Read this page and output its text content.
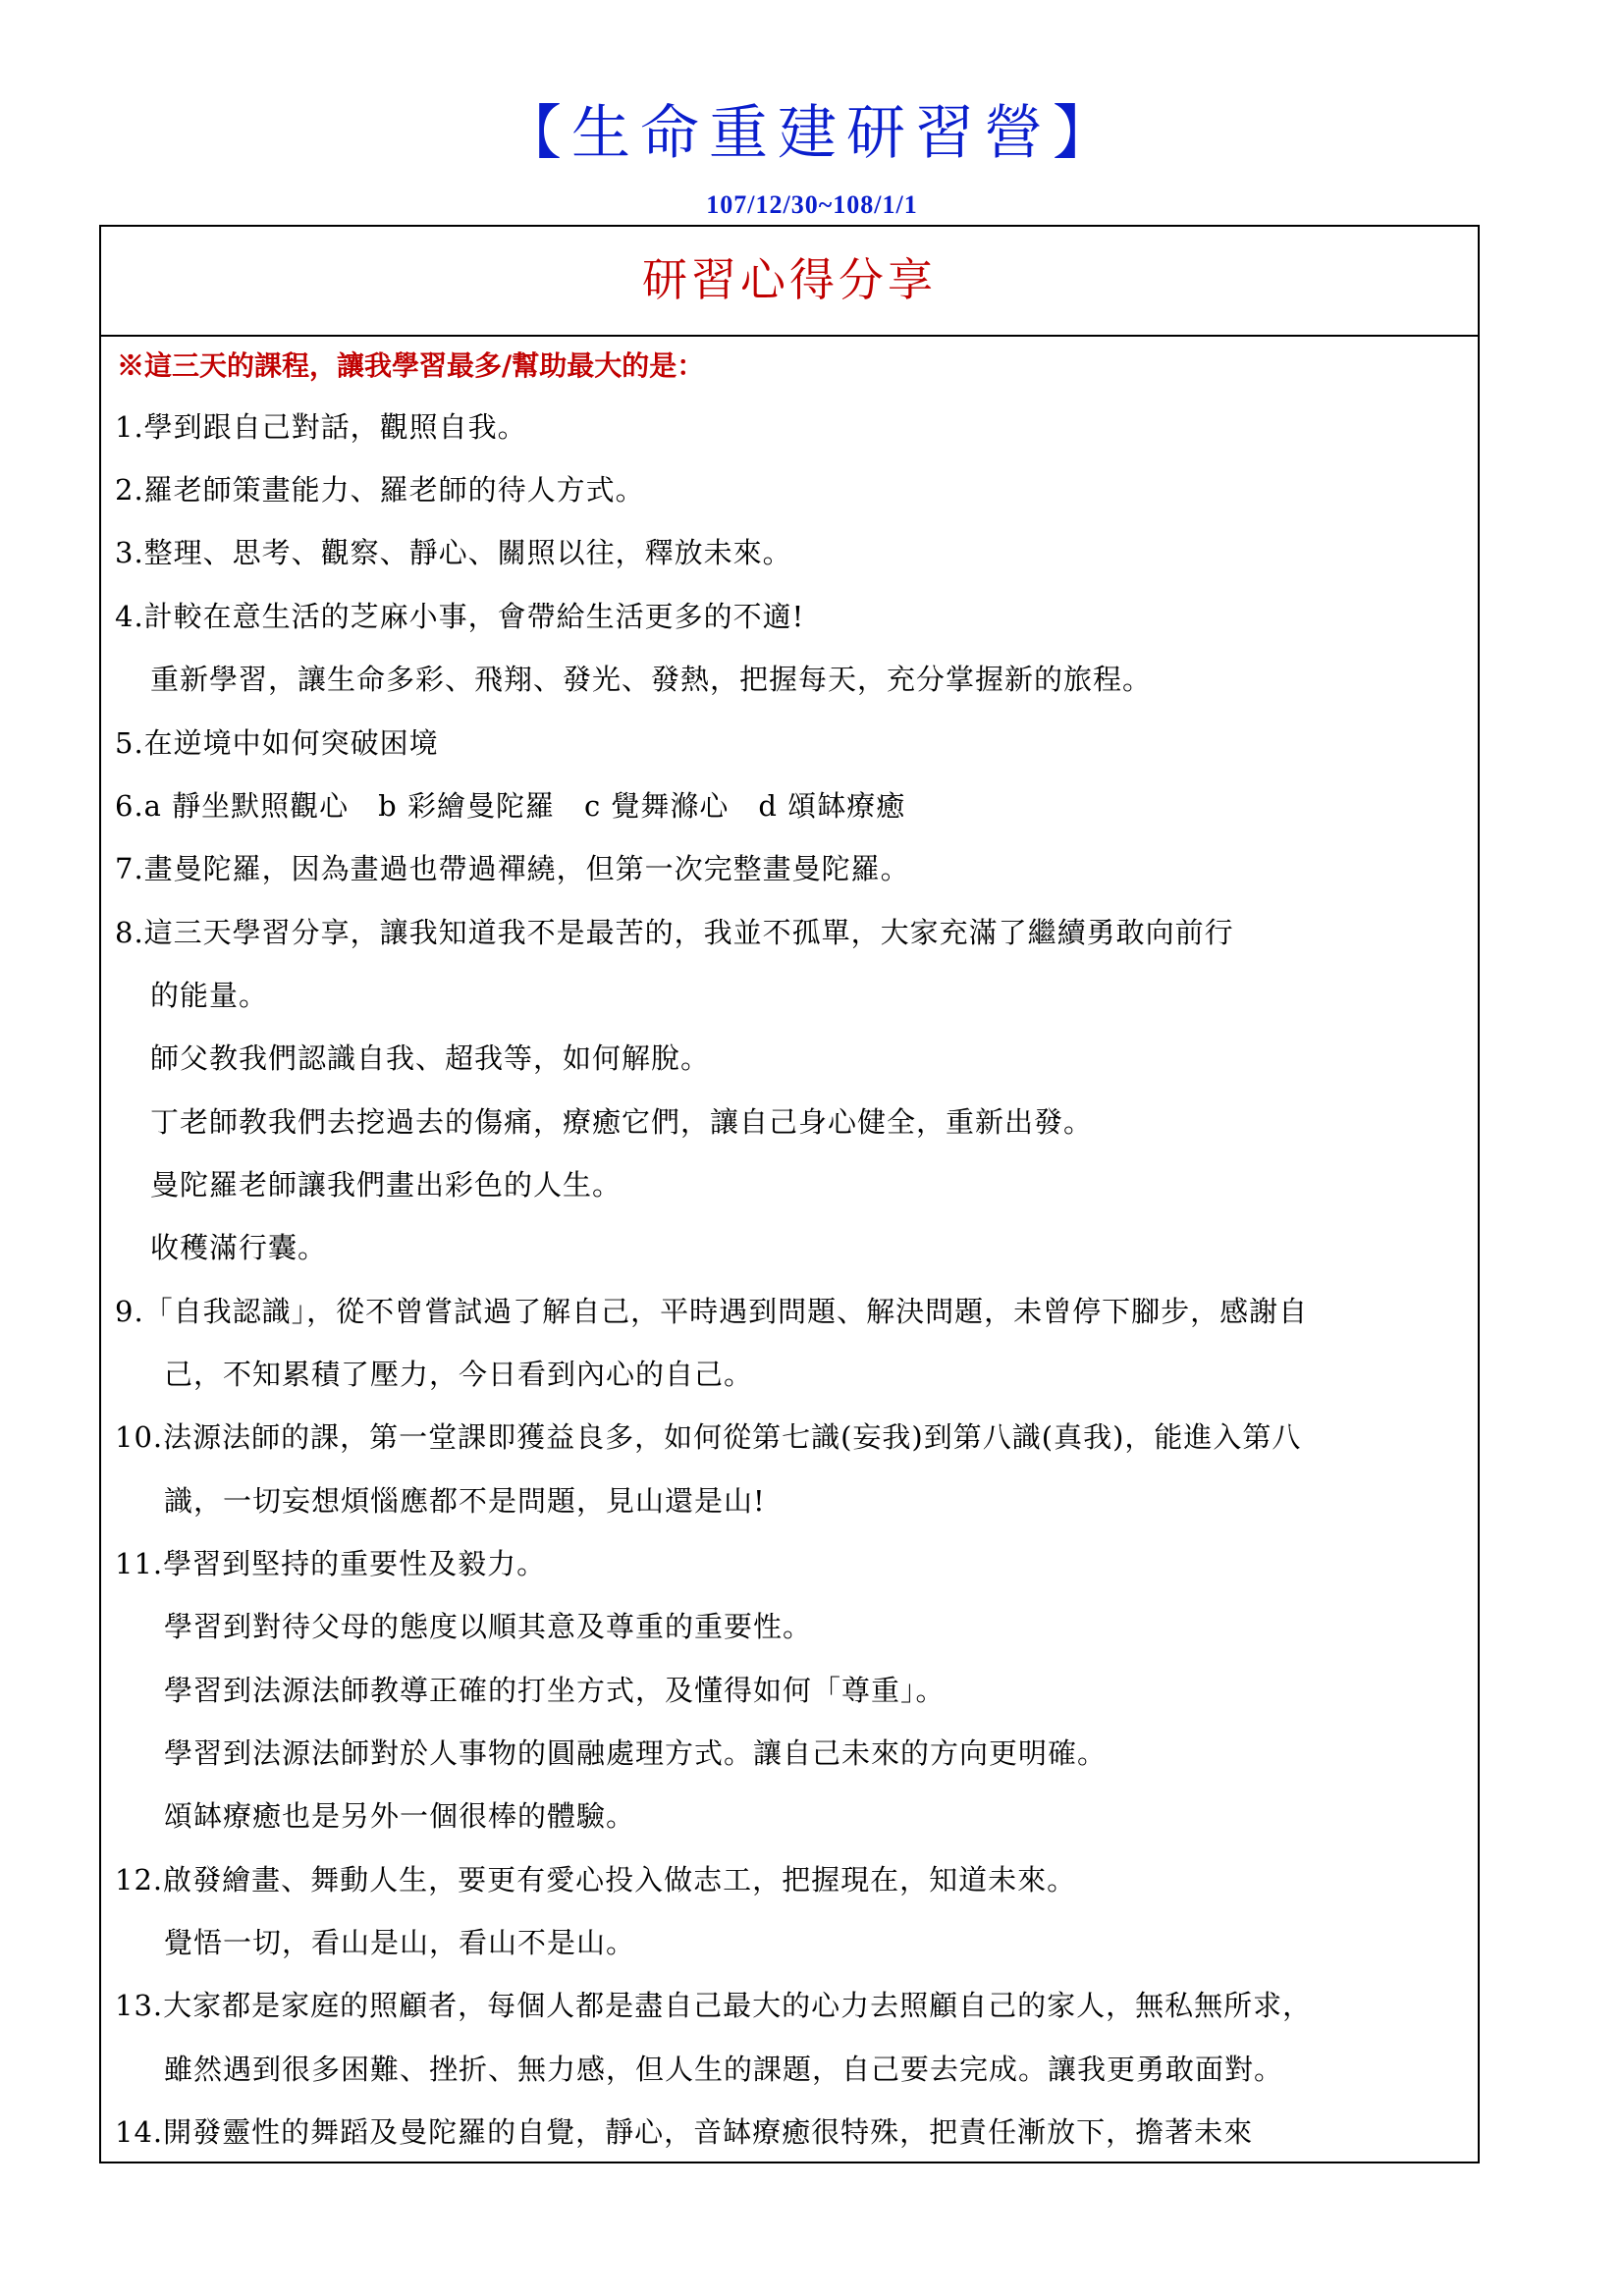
【生命重建研習營】
107/12/30~108/1/1
研習心得分享
※這三天的課程，讓我學習最多/幫助最大的是：
1.學到跟自己對話，觀照自我。
2.羅老師策畫能力、羅老師的待人方式。
3.整理、思考、觀察、靜心、關照以往，釋放未來。
4.計較在意生活的芝麻小事，會帶給生活更多的不適!
重新學習，讓生命多彩、飛翔、發光、發熱，把握每天，充分掌握新的旅程。
5.在逆境中如何突破困境
6.a 靜坐默照觀心　b 彩繪曼陀羅　c 覺舞滌心　d 頌缽療癒
7.畫曼陀羅，因為畫過也帶過禪繞，但第一次完整畫曼陀羅。
8.這三天學習分享，讓我知道我不是最苦的，我並不孤單，大家充滿了繼續勇敢向前行
的能量。
師父教我們認識自我、超我等，如何解脫。
丁老師教我們去挖過去的傷痛，療癒它們，讓自己身心健全，重新出發。
曼陀羅老師讓我們畫出彩色的人生。
收穫滿行囊。
9.「自我認識」，從不曾嘗試過了解自己，平時遇到問題、解決問題，未曾停下腳步，感謝自
己，不知累積了壓力，今日看到內心的自己。
10.法源法師的課，第一堂課即獲益良多，如何從第七識(妄我)到第八識(真我)，能進入第八
識，一切妄想煩惱應都不是問題，見山還是山!
11.學習到堅持的重要性及毅力。
學習到對待父母的態度以順其意及尊重的重要性。
學習到法源法師教導正確的打坐方式，及懂得如何「尊重」。
學習到法源法師對於人事物的圓融處理方式。讓自己未來的方向更明確。
頌缽療癒也是另外一個很棒的體驗。
12.啟發繪畫、舞動人生，要更有愛心投入做志工，把握現在，知道未來。
覺悟一切，看山是山，看山不是山。
13.大家都是家庭的照顧者，每個人都是盡自己最大的心力去照顧自己的家人，無私無所求，
雖然遇到很多困難、挫折、無力感，但人生的課題，自己要去完成。讓我更勇敢面對。
14.開發靈性的舞蹈及曼陀羅的自覺，靜心，音缽療癒很特殊，把責任漸放下，擔著未來
